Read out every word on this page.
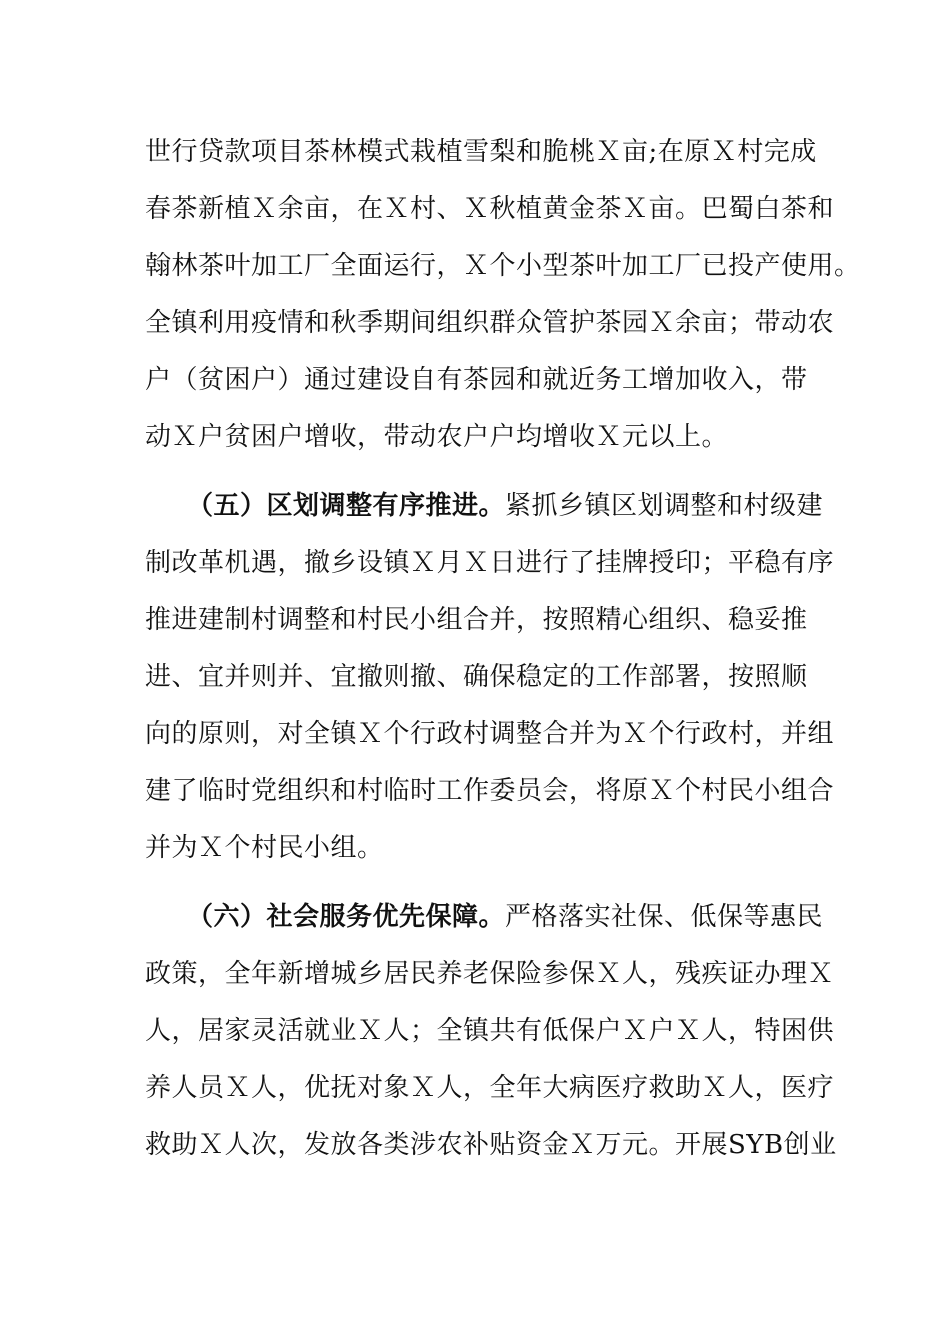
世行贷款项目茶林模式栽植雪梨和脆桃Ｘ亩;在原Ｘ村完成
春茶新植Ｘ余亩，在Ｘ村、Ｘ秋植黄金茶Ｘ亩。巴蜀白茶和
翰林茶叶加工厂全面运行，Ｘ个小型茶叶加工厂已投产使用。
全镇利用疫情和秋季期间组织群众管护茶园Ｘ余亩；带动农
户（贫困户）通过建设自有茶园和就近务工增加收入，带
动Ｘ户贫困户增收，带动农户户均增收Ｘ元以上。
（五）区划调整有序推进。紧抓乡镇区划调整和村级建
制改革机遇，撤乡设镇Ｘ月Ｘ日进行了挂牌授印；平稳有序
推进建制村调整和村民小组合并，按照精心组织、稳妥推
进、宜并则并、宜撤则撤、确保稳定的工作部署，按照顺
向的原则，对全镇Ｘ个行政村调整合并为Ｘ个行政村，并组
建了临时党组织和村临时工作委员会，将原Ｘ个村民小组合
并为Ｘ个村民小组。
（六）社会服务优先保障。严格落实社保、低保等惠民
政策，全年新增城乡居民养老保险参保Ｘ人，残疾证办理Ｘ
人，居家灵活就业Ｘ人；全镇共有低保户Ｘ户Ｘ人，特困供
养人员Ｘ人，优抚对象Ｘ人，全年大病医疗救助Ｘ人，医疗
救助Ｘ人次，发放各类涉农补贴资金Ｘ万元。开展SYB创业
